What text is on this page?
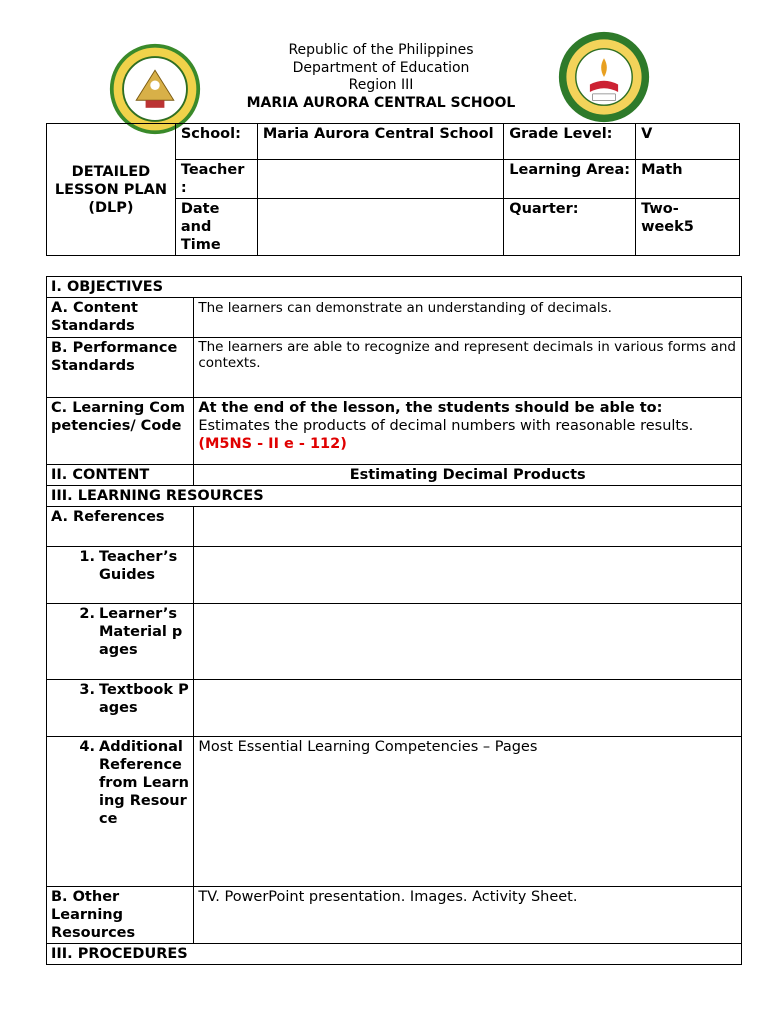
Republic of the Philippines
Department of Education
Region III
MARIA AURORA CENTRAL SCHOOL
DETAILED LESSON PLAN (DLP)	School:	Maria Aurora Central School	Grade Level:	V
	Teacher :		Learning Area:	Math
	Date and Time		Quarter:	Two- week5
I. OBJECTIVES	
A. Content Standards	The learners can demonstrate an understanding of decimals.
B. Performance Standards	The learners are able to recognize and represent decimals in various forms and contexts.
C. Learning Competencies/ Code	At the end of the lesson, the students should be able to:
Estimates the products of decimal numbers with reasonable results.
(M5NS - II e - 112)

II. CONTENT	Estimating Decimal Products
III. LEARNING RESOURCES	
A. References	

1. Teacher’s Guides	

2. Learner’s Material pages	

3. Textbook Pages	

4. Additional Reference from Learning Resource	Most Essential Learning Competencies – Pages
B. Other Learning Resources	TV. PowerPoint presentation. Images. Activity Sheet.
III. PROCEDURES	
